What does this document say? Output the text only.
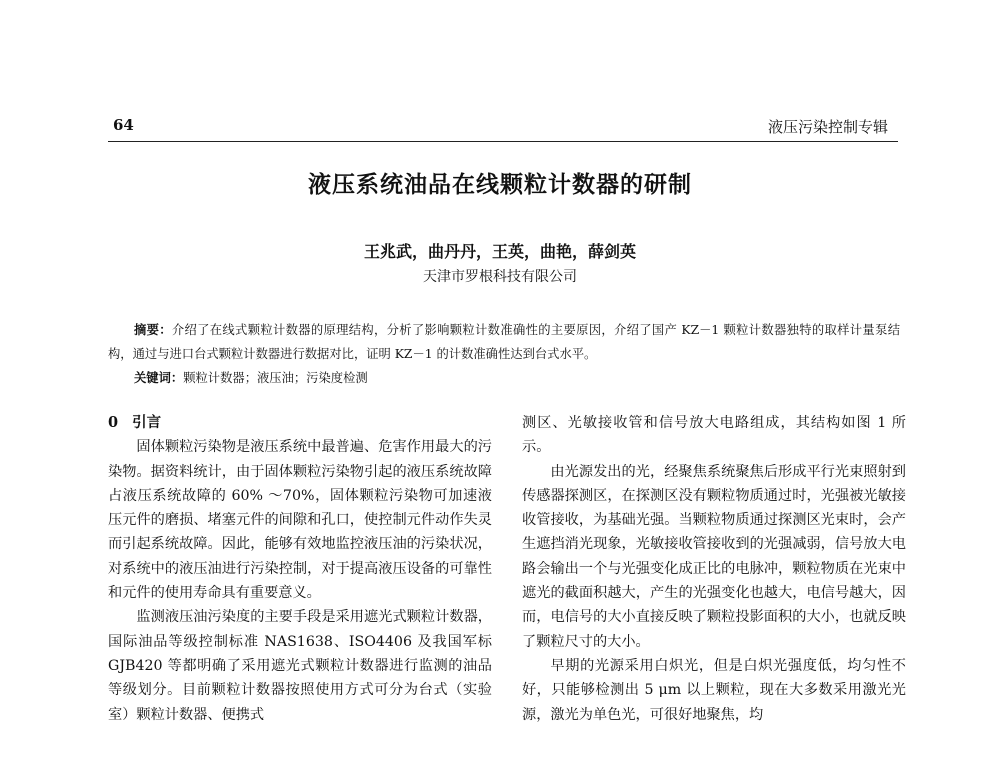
64	液压污染控制专辑
液压系统油品在线颗粒计数器的研制
王兆武，曲丹丹，王英，曲艳，薛剑英
天津市罗根科技有限公司
摘要：介绍了在线式颗粒计数器的原理结构，分析了影响颗粒计数准确性的主要原因，介绍了国产 KZ－1 颗粒计数器独特的取样计量泵结构，通过与进口台式颗粒计数器进行数据对比，证明 KZ－1 的计数准确性达到台式水平。
关键词：颗粒计数器；液压油；污染度检测
0 引言

固体颗粒污染物是液压系统中最普遍、危害作用最大的污染物。据资料统计，由于固体颗粒污染物引起的液压系统故障占液压系统故障的 60% ～70%，固体颗粒污染物可加速液压元件的磨损、堵塞元件的间隙和孔口，使控制元件动作失灵而引起系统故障。因此，能够有效地监控液压油的污染状况，对系统中的液压油进行污染控制，对于提高液压设备的可靠性和元件的使用寿命具有重要意义。

监测液压油污染度的主要手段是采用遮光式颗粒计数器，国际油品等级控制标准 NAS1638、ISO4406 及我国军标 GJB420 等都明确了采用遮光式颗粒计数器进行监测的油品等级划分。目前颗粒计数器按照使用方式可分为台式（实验室）颗粒计数器、便携式

测区、光敏接收管和信号放大电路组成，其结构如图 1 所示。

由光源发出的光，经聚焦系统聚焦后形成平行光束照射到传感器探测区，在探测区没有颗粒物质通过时，光强被光敏接收管接收，为基础光强。当颗粒物质通过探测区光束时，会产生遮挡消光现象，光敏接收管接收到的光强减弱，信号放大电路会输出一个与光强变化成正比的电脉冲，颗粒物质在光束中遮光的截面积越大，产生的光强变化也越大，电信号越大，因而，电信号的大小直接反映了颗粒投影面积的大小，也就反映了颗粒尺寸的大小。

早期的光源采用白炽光，但是白炽光强度低，均匀性不好，只能够检测出 5 μm 以上颗粒，现在大多数采用激光光源，激光为单色光，可很好地聚焦，均
